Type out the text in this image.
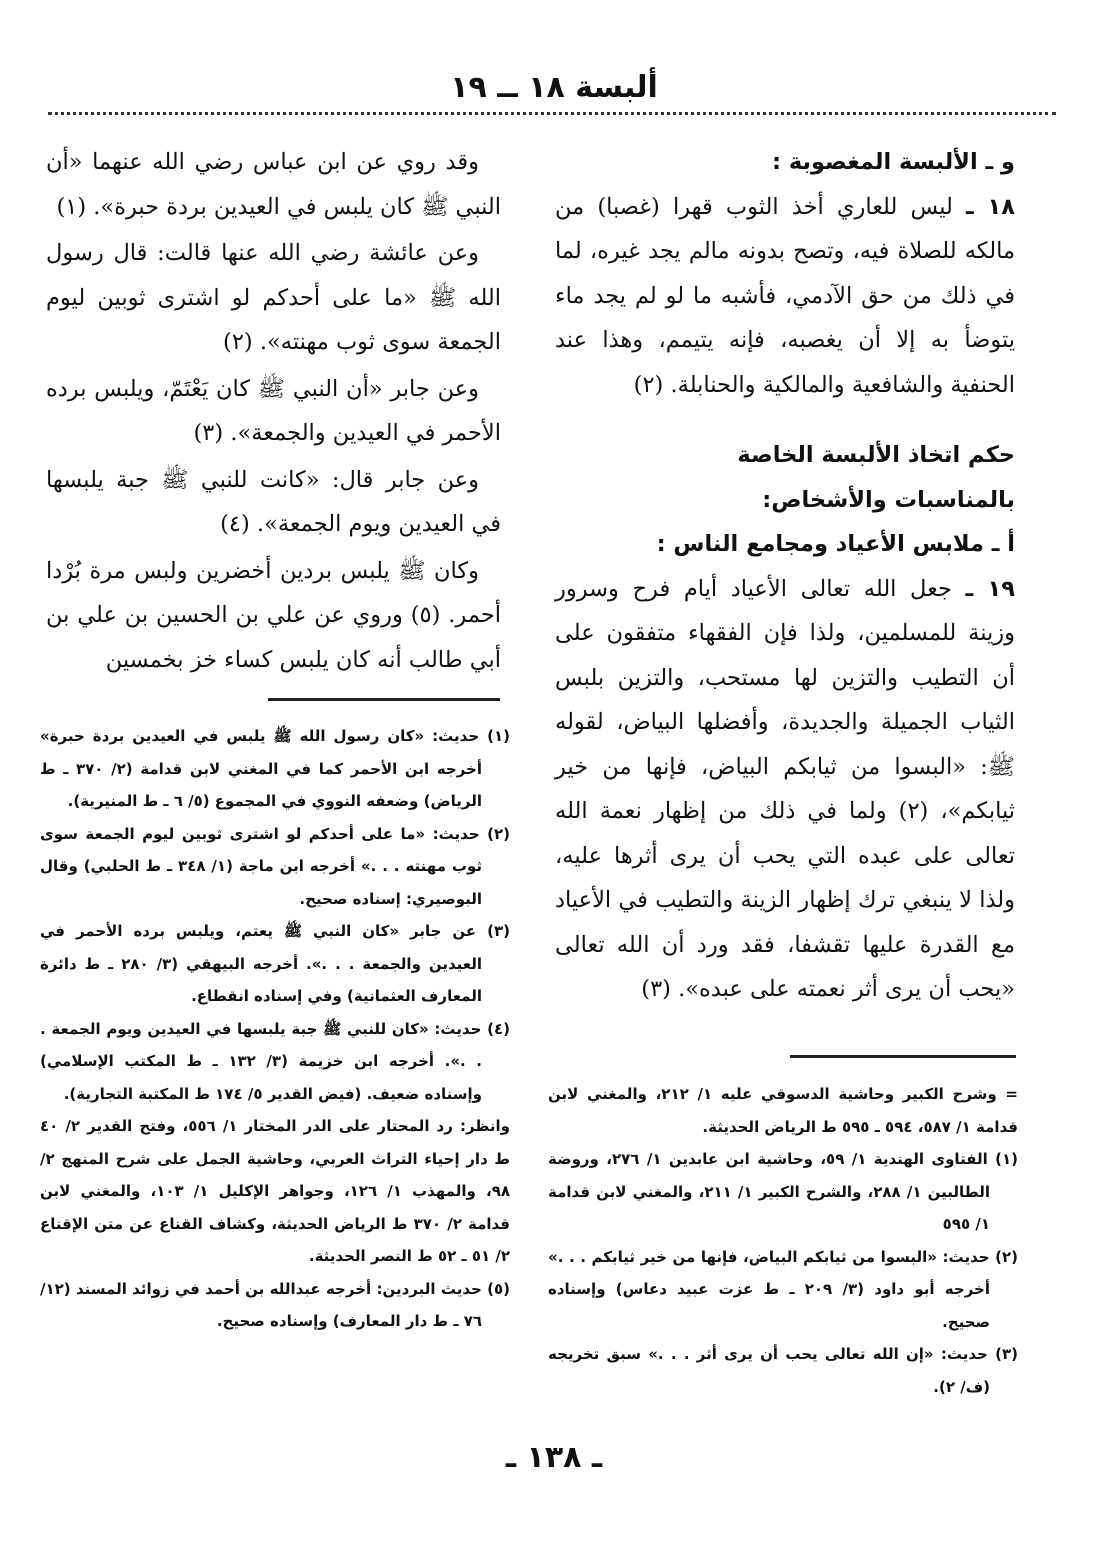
ألبسة ١٨ ــ ١٩

و ـ الألبسة المغصوبة :

١٨ ـ ليس للعاري أخذ الثوب قهرا (غصبا) من مالكه للصلاة فيه، وتصح بدونه مالم يجد غيره، لما في ذلك من حق الآدمي، فأشبه ما لو لم يجد ماء يتوضأ به إلا أن يغصبه، فإنه يتيمم، وهذا عند الحنفية والشافعية والمالكية والحنابلة. (٢)

حكم اتخاذ الألبسة الخاصة

بالمناسبات والأشخاص:

أ ـ ملابس الأعياد ومجامع الناس :

١٩ ـ جعل الله تعالى الأعياد أيام فرح وسرور وزينة للمسلمين، ولذا فإن الفقهاء متفقون على أن التطيب والتزين لها مستحب، والتزين بلبس الثياب الجميلة والجديدة، وأفضلها البياض، لقوله ﷺ: «البسوا من ثيابكم البياض، فإنها من خير ثيابكم»، (٢) ولما في ذلك من إظهار نعمة الله تعالى على عبده التي يحب أن يرى أثرها عليه، ولذا لا ينبغي ترك إظهار الزينة والتطيب في الأعياد مع القدرة عليها تقشفا، فقد ورد أن الله تعالى «يحب أن يرى أثر نعمته على عبده». (٣)

وقد روي عن ابن عباس رضي الله عنهما «أن النبي ﷺ كان يلبس في العيدين بردة حبرة». (١)

وعن عائشة رضي الله عنها قالت: قال رسول الله ﷺ «ما على أحدكم لو اشترى ثوبين ليوم الجمعة سوى ثوب مهنته». (٢)

وعن جابر «أن النبي ﷺ كان يَعْتَمّ، ويلبس برده الأحمر في العيدين والجمعة». (٣)

وعن جابر قال: «كانت للنبي ﷺ جبة يلبسها في العيدين ويوم الجمعة». (٤)

وكان ﷺ يلبس بردين أخضرين ولبس مرة بُرْدا أحمر. (٥) وروي عن علي بن الحسين بن علي بن أبي طالب أنه كان يلبس كساء خز بخمسين

(١) حديث: «كان رسول الله ﷺ يلبس في العيدين بردة حبرة» أخرجه ابن الأحمر كما في المغني لابن قدامة (٢/ ٣٧٠ ـ ط الرياض) وضعفه النووي في المجموع (٥/ ٦ ـ ط المنيرية).

(٢) حديث: «ما على أحدكم لو اشترى ثوبين ليوم الجمعة سوى ثوب مهنته . . .» أخرجه ابن ماجة (١/ ٣٤٨ ـ ط الحلبي) وقال البوصيري: إسناده صحيح.

(٣) عن جابر «كان النبي ﷺ يعتم، ويلبس برده الأحمر في العيدين والجمعة . . .». أخرجه البيهقي (٣/ ٢٨٠ ـ ط دائرة المعارف العثمانية) وفي إسناده انقطاع.

(٤) حديث: «كان للنبي ﷺ جبة يلبسها في العيدين ويوم الجمعة . . .». أخرجه ابن خزيمة (٣/ ١٣٢ ـ ط المكتب الإسلامي) وإسناده ضعيف. (فيض القدير ٥/ ١٧٤ ط المكتبة التجارية).

وانظر: رد المحتار على الدر المختار ١/ ٥٥٦، وفتح القدير ٢/ ٤٠ ط دار إحياء التراث العربي، وحاشية الجمل على شرح المنهج ٢/ ٩٨، والمهذب ١/ ١٢٦، وجواهر الإكليل ١/ ١٠٣، والمغني لابن قدامة ٢/ ٣٧٠ ط الرياض الحديثة، وكشاف القناع عن متن الإقناع ٢/ ٥١ ـ ٥٢ ط النصر الحديثة.

(٥) حديث البردين: أخرجه عبدالله بن أحمد في زوائد المسند (١٢/ ٧٦ ـ ط دار المعارف) وإسناده صحيح.

= وشرح الكبير وحاشية الدسوقي عليه ١/ ٢١٢، والمغني لابن قدامة ١/ ٥٨٧، ٥٩٤ ـ ٥٩٥ ط الرياض الحديثة.

(١) الفتاوى الهندية ١/ ٥٩، وحاشية ابن عابدين ١/ ٢٧٦، وروضة الطالبين ١/ ٢٨٨، والشرح الكبير ١/ ٢١١، والمغني لابن قدامة ١/ ٥٩٥

(٢) حديث: «البسوا من ثيابكم البياض، فإنها من خير ثيابكم . . .» أخرجه أبو داود (٣/ ٢٠٩ ـ ط عزت عبيد دعاس) وإسناده صحيح.

(٣) حديث: «إن الله تعالى يحب أن يرى أثر . . .» سبق تخريجه (ف/ ٢).

ـ ١٣٨ ـ
